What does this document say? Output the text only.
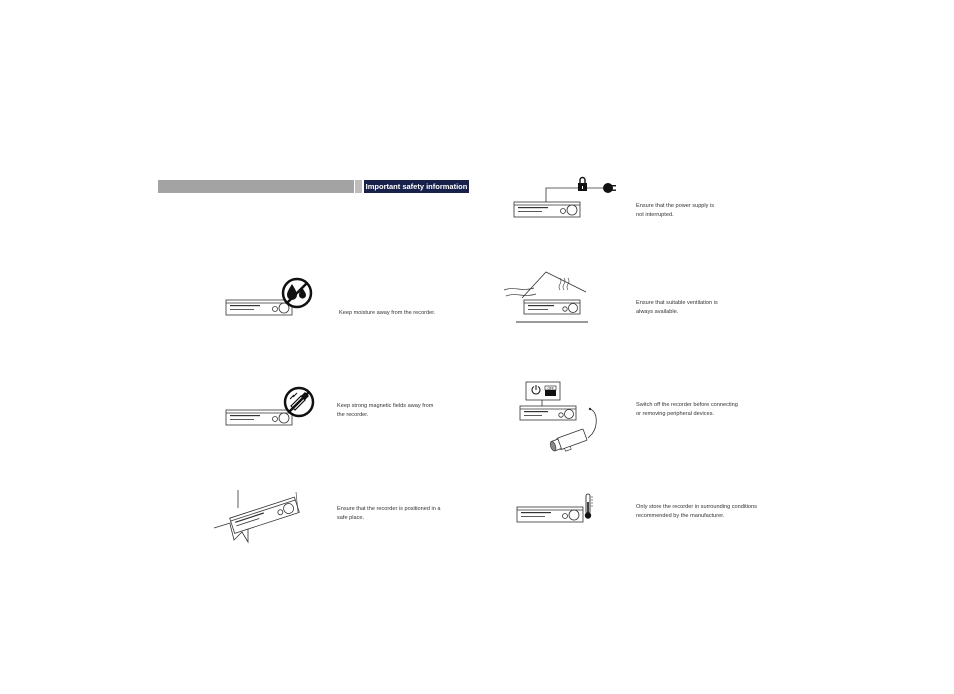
Important safety information
Keep moisture away from the recorder.
Keep strong magnetic fields away from
the recorder.
Ensure that the recorder is positioned in a
safe place.
Ensure that the power supply is
not interrupted.
Ensure that suitable ventilation is
always available.
OFF
Switch off the recorder before connecting
or removing peripheral devices.
Only store the recorder in surrounding conditions
recommended by the manufacturer.
